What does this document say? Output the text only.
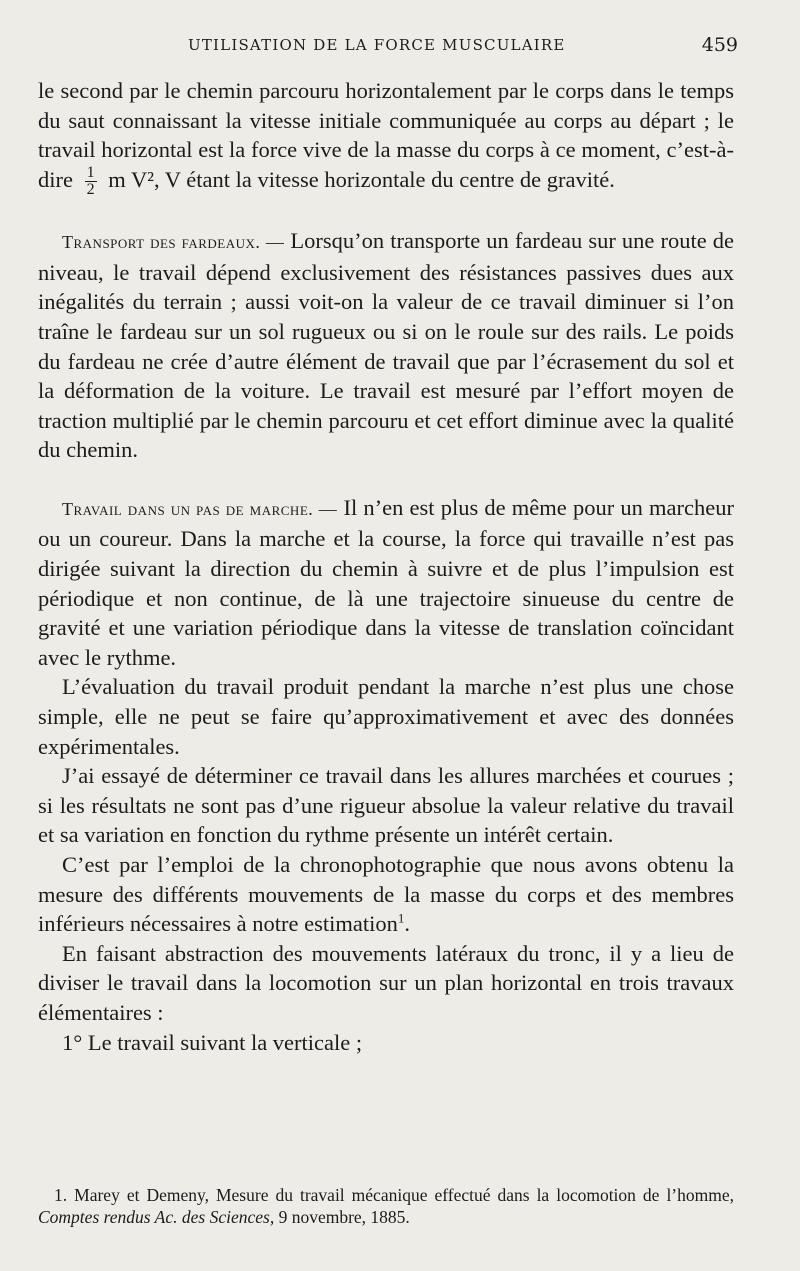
UTILISATION DE LA FORCE MUSCULAIRE	459

le second par le chemin parcouru horizontalement par le corps dans le temps du saut connaissant la vitesse initiale communiquée au corps au départ ; le travail horizontal est la force vive de la masse du corps à ce moment, c’est-à-dire $\frac{1}{2}$ m V², V étant la vitesse horizontale du centre de gravité.

Transport des fardeaux. — Lorsqu’on transporte un fardeau sur une route de niveau, le travail dépend exclusivement des résistances passives dues aux inégalités du terrain ; aussi voit-on la valeur de ce travail diminuer si l’on traîne le fardeau sur un sol rugueux ou si on le roule sur des rails. Le poids du fardeau ne crée d’autre élément de travail que par l’écrasement du sol et la déformation de la voiture. Le travail est mesuré par l’effort moyen de traction multiplié par le chemin parcouru et cet effort diminue avec la qualité du chemin.

Travail dans un pas de marche. — Il n’en est plus de même pour un marcheur ou un coureur. Dans la marche et la course, la force qui travaille n’est pas dirigée suivant la direction du chemin à suivre et de plus l’impulsion est périodique et non continue, de là une trajectoire sinueuse du centre de gravité et une variation périodique dans la vitesse de translation coïncidant avec le rythme.

L’évaluation du travail produit pendant la marche n’est plus une chose simple, elle ne peut se faire qu’approximativement et avec des données expérimentales.

J’ai essayé de déterminer ce travail dans les allures marchées et courues ; si les résultats ne sont pas d’une rigueur absolue la valeur relative du travail et sa variation en fonction du rythme présente un intérêt certain.

C’est par l’emploi de la chronophotographie que nous avons obtenu la mesure des différents mouvements de la masse du corps et des membres inférieurs nécessaires à notre estimation$^1$.

En faisant abstraction des mouvements latéraux du tronc, il y a lieu de diviser le travail dans la locomotion sur un plan horizontal en trois travaux élémentaires :

1° Le travail suivant la verticale ;

1. Marey et Demeny, Mesure du travail mécanique effectué dans la locomotion de l’homme, Comptes rendus Ac. des Sciences, 9 novembre, 1885.
